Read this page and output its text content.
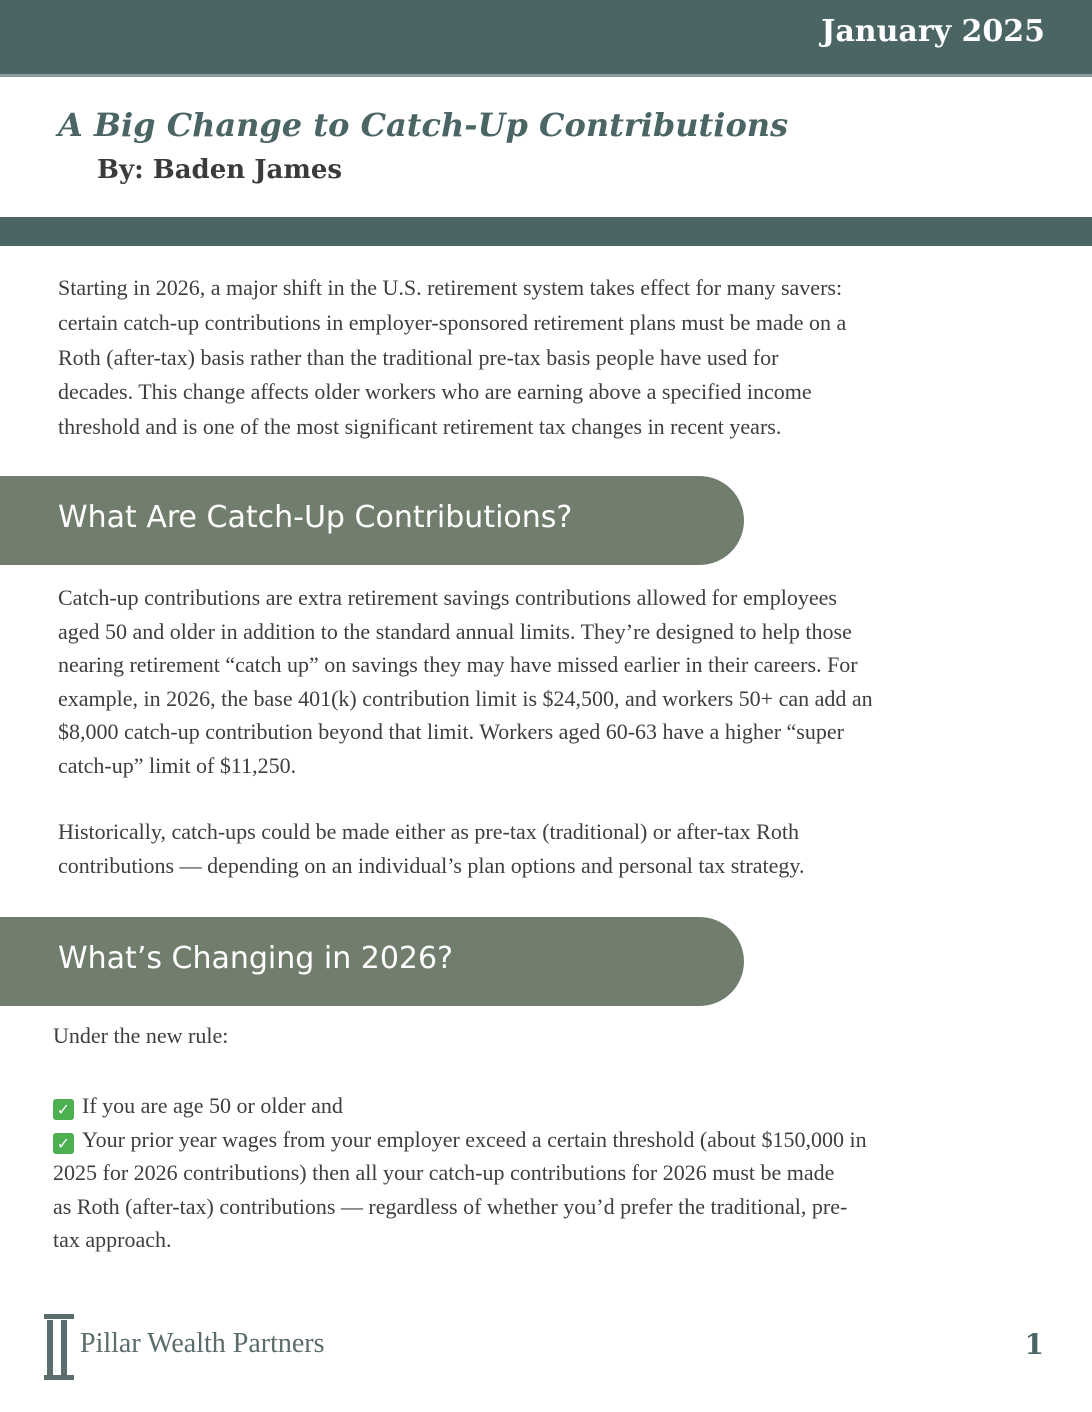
January 2025
A Big Change to Catch-Up Contributions
By: Baden James
Starting in 2026, a major shift in the U.S. retirement system takes effect for many savers:
certain catch-up contributions in employer-sponsored retirement plans must be made on a
Roth (after-tax) basis rather than the traditional pre-tax basis people have used for
decades. This change affects older workers who are earning above a specified income
threshold and is one of the most significant retirement tax changes in recent years.
What Are Catch-Up Contributions?
Catch-up contributions are extra retirement savings contributions allowed for employees
aged 50 and older in addition to the standard annual limits. They’re designed to help those
nearing retirement “catch up” on savings they may have missed earlier in their careers. For
example, in 2026, the base 401(k) contribution limit is $24,500, and workers 50+ can add an
$8,000 catch-up contribution beyond that limit. Workers aged 60-63 have a higher “super
catch-up” limit of $11,250.
Historically, catch-ups could be made either as pre-tax (traditional) or after-tax Roth
contributions — depending on an individual’s plan options and personal tax strategy.
What’s Changing in 2026?
Under the new rule:
✓ If you are age 50 or older and
✓ Your prior year wages from your employer exceed a certain threshold (about $150,000 in
2025 for 2026 contributions) then all your catch-up contributions for 2026 must be made
as Roth (after-tax) contributions — regardless of whether you’d prefer the traditional, pre-
tax approach.
Pillar Wealth Partners	1
